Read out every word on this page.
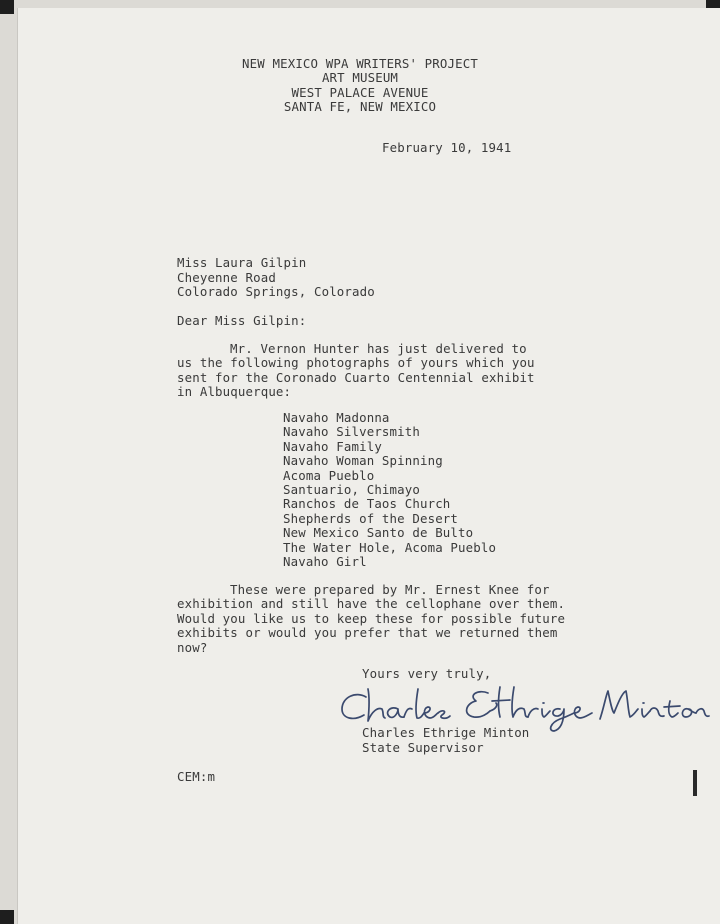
NEW MEXICO WPA WRITERS' PROJECT
ART MUSEUM
WEST PALACE AVENUE
SANTA FE, NEW MEXICO
February 10, 1941
Miss Laura Gilpin
Cheyenne Road
Colorado Springs, Colorado
Dear Miss Gilpin:
Mr. Vernon Hunter has just delivered to
us the following photographs of yours which you
sent for the Coronado Cuarto Centennial exhibit
in Albuquerque:
Navaho Madonna
Navaho Silversmith
Navaho Family
Navaho Woman Spinning
Acoma Pueblo
Santuario, Chimayo
Ranchos de Taos Church
Shepherds of the Desert
New Mexico Santo de Bulto
The Water Hole, Acoma Pueblo
Navaho Girl
These were prepared by Mr. Ernest Knee for
exhibition and still have the cellophane over them.
Would you like us to keep these for possible future
exhibits or would you prefer that we returned them
now?
Yours very truly,
Charles Ethrige Minton
State Supervisor
CEM:m
